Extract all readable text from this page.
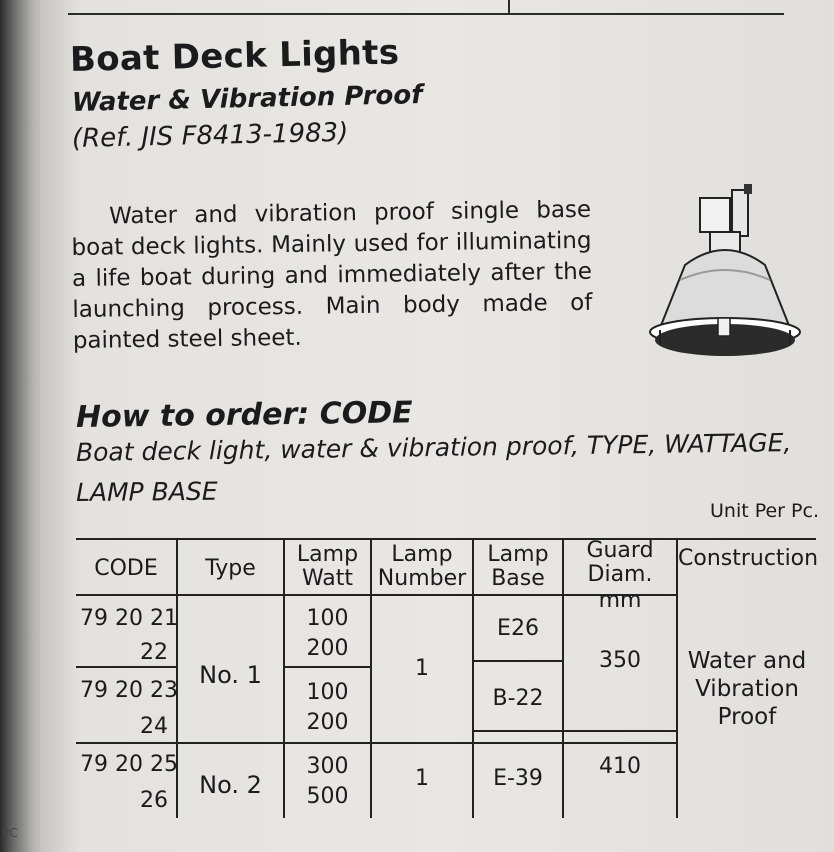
Boat Deck Lights
Water & Vibration Proof
(Ref. JIS F8413-1983)

Water and vibration proof single base boat deck lights. Mainly used for illuminating a life boat during and immediately after the launching process. Main body made of painted steel sheet.

How to order: CODE
Boat deck light, water & vibration proof, TYPE, WATTAGE,
LAMP BASE
Unit Per Pc.
CODE	Type
Lamp
Watt
Lamp
Number
Lamp
Base
Guard
Diam. mm
Construction
79 20 21
22
79 20 23
24
79 20 25
26
No. 1
No. 2
100
200
100
200
300
500
1
1
E26
B-22
E-39
350
410
Water and
Vibration
Proof
PC
